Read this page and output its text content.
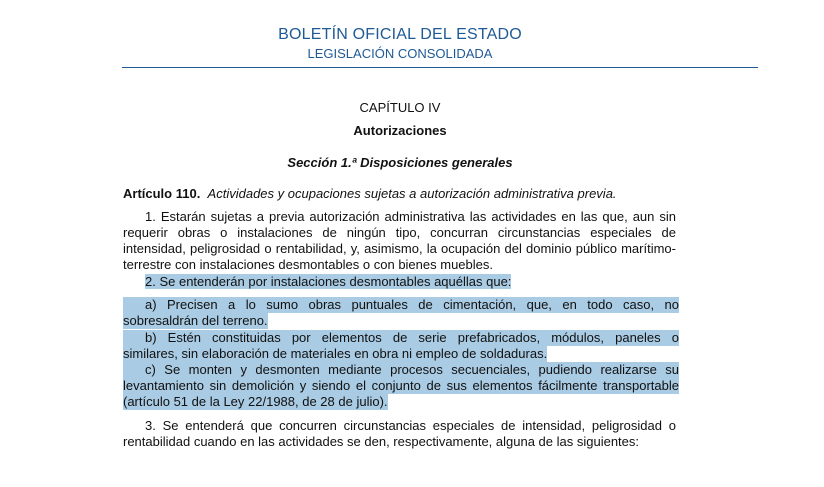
BOLETÍN OFICIAL DEL ESTADO
LEGISLACIÓN CONSOLIDADA
CAPÍTULO IV
Autorizaciones
Sección 1.ª Disposiciones generales
Artículo 110. Actividades y ocupaciones sujetas a autorización administrativa previa.
1. Estarán sujetas a previa autorización administrativa las actividades en las que, aun sin requerir obras o instalaciones de ningún tipo, concurran circunstancias especiales de intensidad, peligrosidad o rentabilidad, y, asimismo, la ocupación del dominio público marítimo-terrestre con instalaciones desmontables o con bienes muebles.
2. Se entenderán por instalaciones desmontables aquéllas que:
a) Precisen a lo sumo obras puntuales de cimentación, que, en todo caso, no
sobresaldrán del terreno.
b) Estén constituidas por elementos de serie prefabricados, módulos, paneles o
similares, sin elaboración de materiales en obra ni empleo de soldaduras.
c) Se monten y desmonten mediante procesos secuenciales, pudiendo realizarse su
levantamiento sin demolición y siendo el conjunto de sus elementos fácilmente transportable
(artículo 51 de la Ley 22/1988, de 28 de julio).
3. Se entenderá que concurren circunstancias especiales de intensidad, peligrosidad o rentabilidad cuando en las actividades se den, respectivamente, alguna de las siguientes:
